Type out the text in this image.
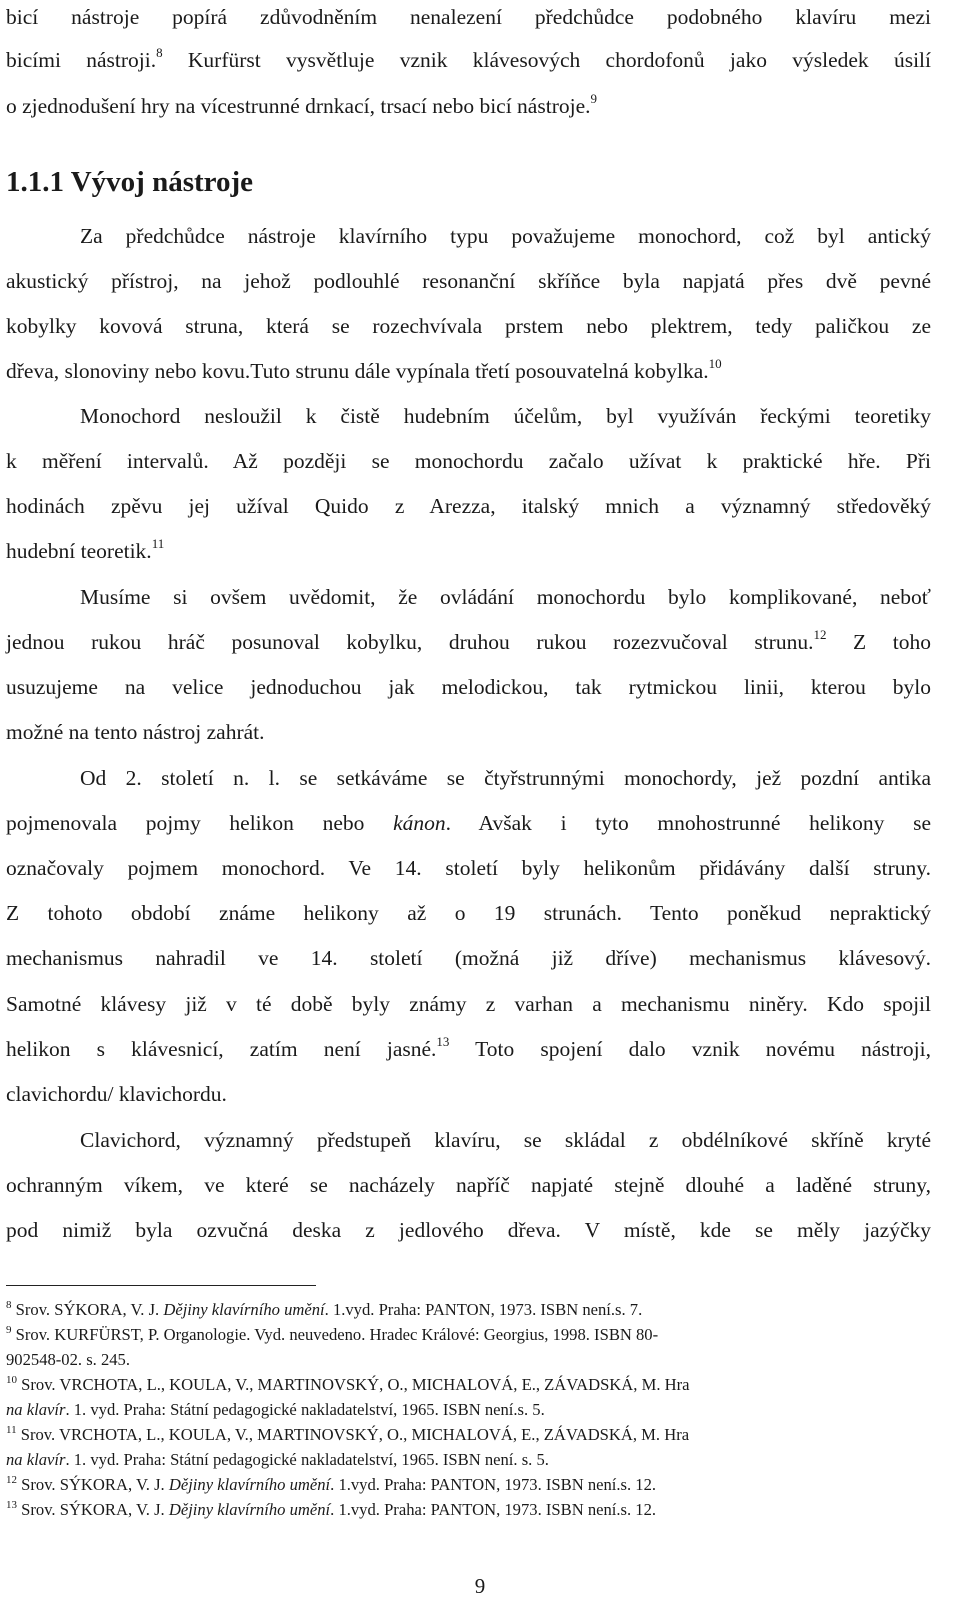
bicí nástroje popírá zdůvodněním nenalezení předchůdce podobného klavíru mezi
bicími nástroji.$^8$ Kurfürst vysvětluje vznik klávesových chordofonů jako výsledek úsilí
o zjednodušení hry na vícestrunné drnkací, trsací nebo bicí nástroje.$^9$
1.1.1 Vývoj nástroje
Za předchůdce nástroje klavírního typu považujeme monochord, což byl antický
akustický přístroj, na jehož podlouhlé resonanční skříňce byla napjatá přes dvě pevné
kobylky kovová struna, která se rozechvívala prstem nebo plektrem, tedy paličkou ze
dřeva, slonoviny nebo kovu.Tuto strunu dále vypínala třetí posouvatelná kobylka.$^{10}$
Monochord nesloužil k čistě hudebním účelům, byl využíván řeckými teoretiky
k měření intervalů. Až později se monochordu začalo užívat k praktické hře. Při
hodinách zpěvu jej užíval Quido z Arezza, italský mnich a významný středověký
hudební teoretik.$^{11}$
Musíme si ovšem uvědomit, že ovládání monochordu bylo komplikované, neboť
jednou rukou hráč posunoval kobylku, druhou rukou rozezvučoval strunu.$^{12}$ Z toho
usuzujeme na velice jednoduchou jak melodickou, tak rytmickou linii, kterou bylo
možné na tento nástroj zahrát.
Od 2. století n. l. se setkáváme se čtyřstrunnými monochordy, jež pozdní antika
pojmenovala pojmy helikon nebo kánon. Avšak i tyto mnohostrunné helikony se
označovaly pojmem monochord. Ve 14. století byly helikonům přidávány další struny.
Z tohoto období známe helikony až o 19 strunách. Tento poněkud nepraktický
mechanismus nahradil ve 14. století (možná již dříve) mechanismus klávesový.
Samotné klávesy již v té době byly známy z varhan a mechanismu niněry. Kdo spojil
helikon s klávesnicí, zatím není jasné.$^{13}$ Toto spojení dalo vznik novému nástroji,
clavichordu/ klavichordu.
Clavichord, významný předstupeň klavíru, se skládal z obdélníkové skříně kryté
ochranným víkem, ve které se nacházely napříč napjaté stejně dlouhé a laděné struny,
pod nimiž byla ozvučná deska z jedlového dřeva. V místě, kde se měly jazýčky
$^8$ Srov. SÝKORA, V. J. Dějiny klavírního umění. 1.vyd. Praha: PANTON, 1973. ISBN není.s. 7.
$^9$ Srov. KURFÜRST, P. Organologie. Vyd. neuvedeno. Hradec Králové: Georgius, 1998. ISBN 80-
902548-02. s. 245.
$^{10}$ Srov. VRCHOTA, L., KOULA, V., MARTINOVSKÝ, O., MICHALOVÁ, E., ZÁVADSKÁ, M. Hra
na klavír. 1. vyd. Praha: Státní pedagogické nakladatelství, 1965. ISBN není.s. 5.
$^{11}$ Srov. VRCHOTA, L., KOULA, V., MARTINOVSKÝ, O., MICHALOVÁ, E., ZÁVADSKÁ, M. Hra
na klavír. 1. vyd. Praha: Státní pedagogické nakladatelství, 1965. ISBN není. s. 5.
$^{12}$ Srov. SÝKORA, V. J. Dějiny klavírního umění. 1.vyd. Praha: PANTON, 1973. ISBN není.s. 12.
$^{13}$ Srov. SÝKORA, V. J. Dějiny klavírního umění. 1.vyd. Praha: PANTON, 1973. ISBN není.s. 12.
9
